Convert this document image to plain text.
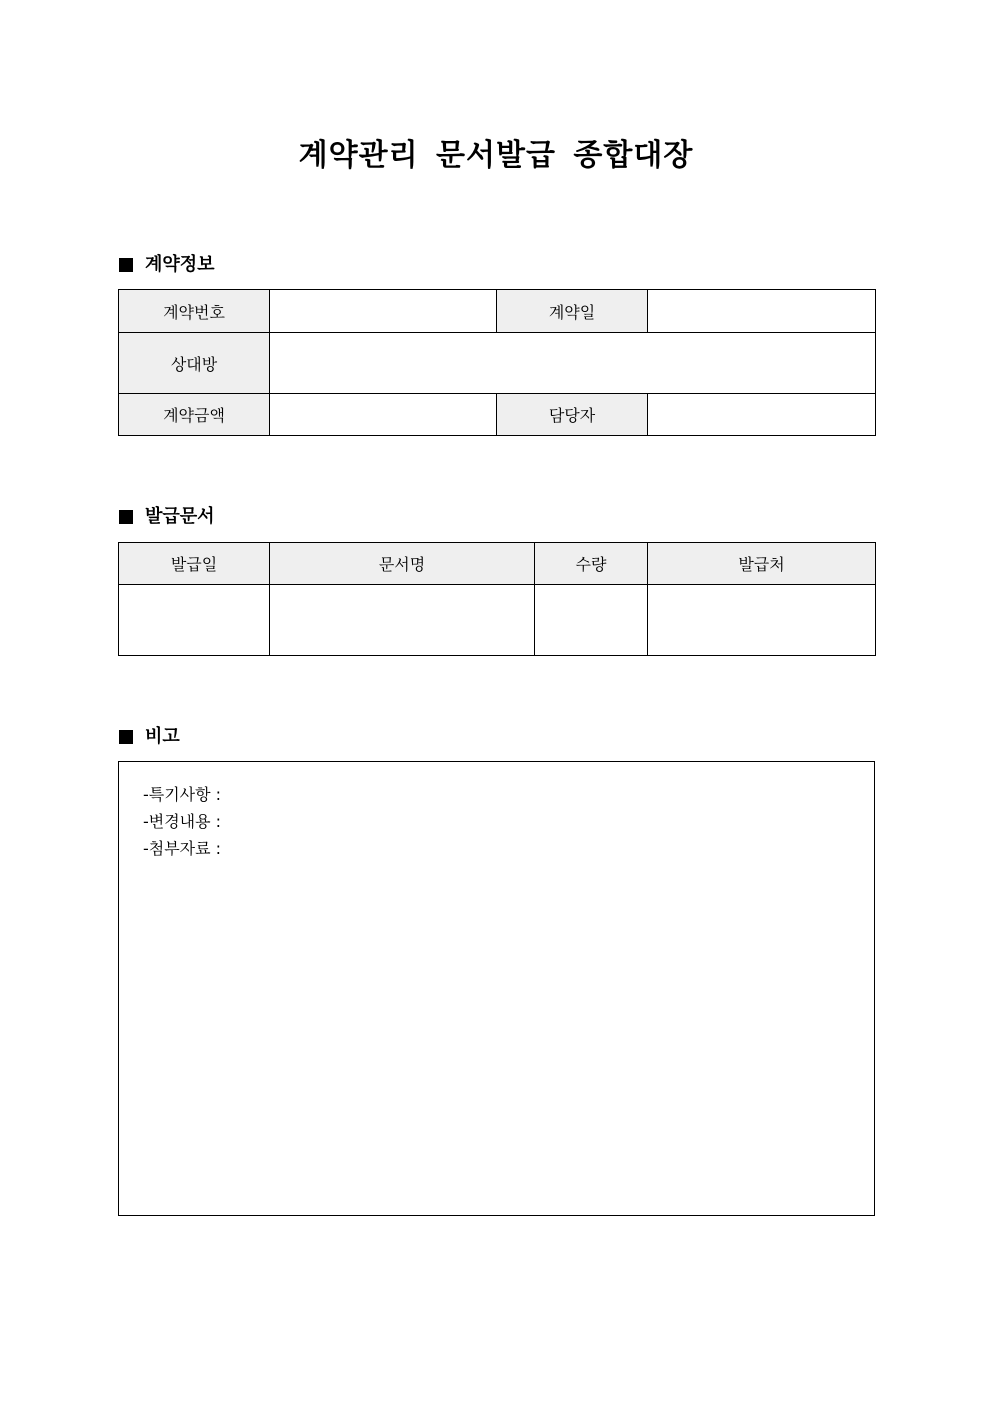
계약관리 문서발급 종합대장
계약정보
계약번호		계약일	
상대방			
계약금액		담당자	
발급문서
발급일	문서명	수량	발급처

비고
-특기사항 :
-변경내용 :
-첨부자료 :
